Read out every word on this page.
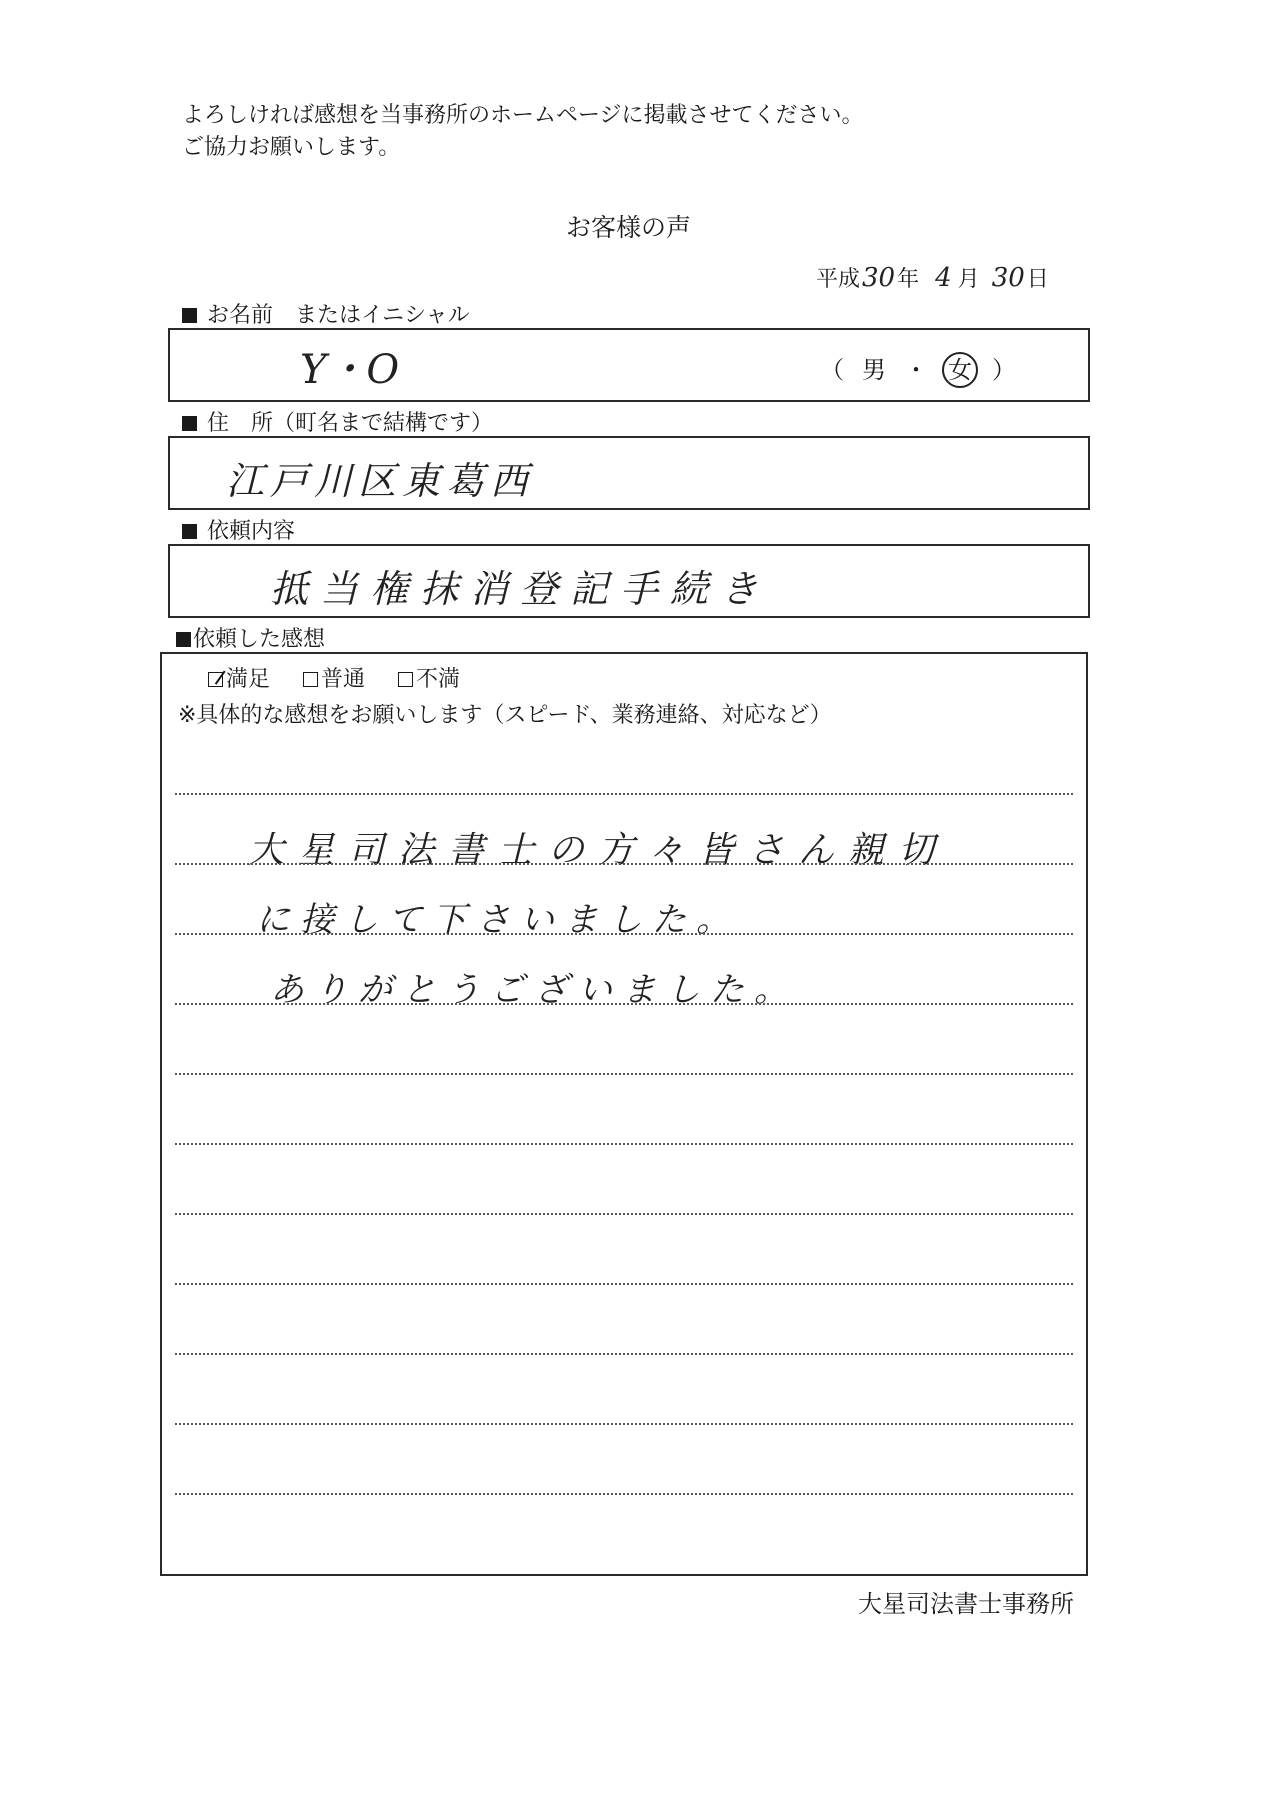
よろしければ感想を当事務所のホームページに掲載させてください。
ご協力お願いします。
お客様の声
平成30年 4 月 30日
お名前　またはイニシャル
Y・O	（ 男 ・ 女 ）
住　所（町名まで結構です）
江戸川区東葛西
依頼内容
抵当権抹消登記手続き
依頼した感想
満足 普通 不満
※具体的な感想をお願いします（スピード、業務連絡、対応など）
大星司法書士の方々皆さん親切
に接して下さいました。
ありがとうございました。
大星司法書士事務所
